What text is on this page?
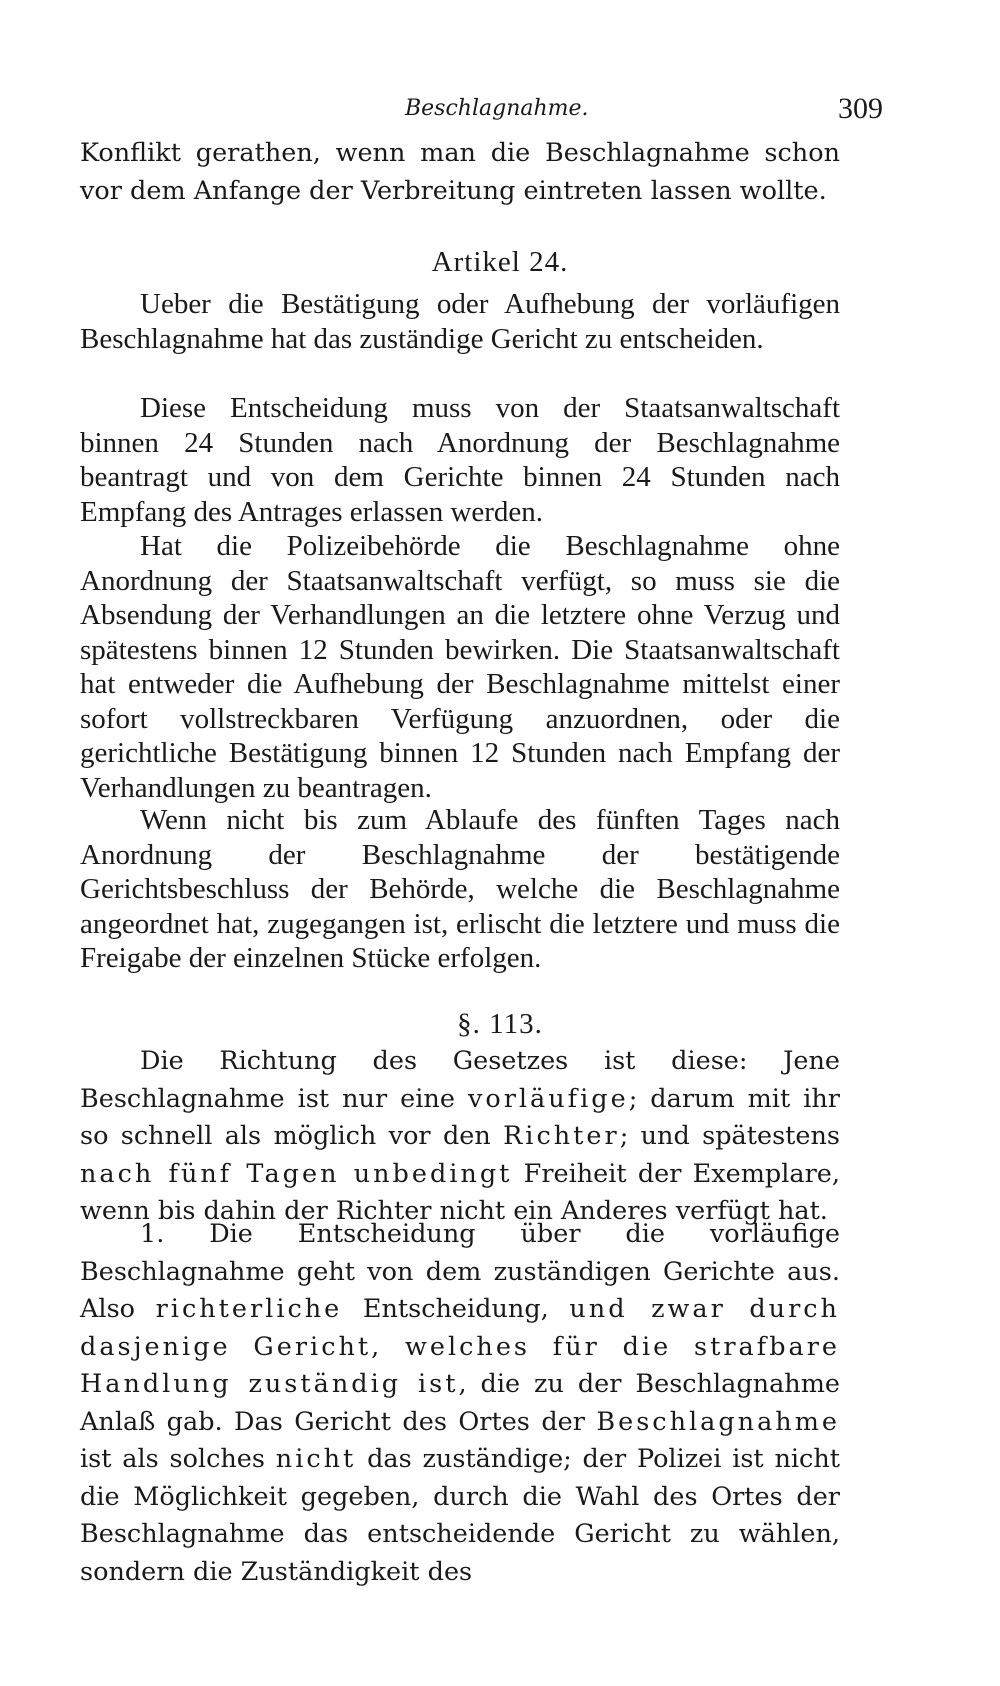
Beschlagnahme.	309

Konflikt gerathen, wenn man die Beschlagnahme schon vor dem Anfange der Verbreitung eintreten lassen wollte.

Artikel 24.

Ueber die Bestätigung oder Aufhebung der vorläufigen Beschlagnahme hat das zuständige Gericht zu entscheiden.

Diese Entscheidung muss von der Staatsanwaltschaft binnen 24 Stunden nach Anordnung der Beschlagnahme beantragt und von dem Gerichte binnen 24 Stunden nach Empfang des Antrages erlassen werden.

Hat die Polizeibehörde die Beschlagnahme ohne Anordnung der Staatsanwaltschaft verfügt, so muss sie die Absendung der Verhandlungen an die letztere ohne Verzug und spätestens binnen 12 Stunden bewirken. Die Staatsanwaltschaft hat entweder die Aufhebung der Beschlagnahme mittelst einer sofort vollstreckbaren Verfügung anzuordnen, oder die gerichtliche Bestätigung binnen 12 Stunden nach Empfang der Verhandlungen zu beantragen.

Wenn nicht bis zum Ablaufe des fünften Tages nach Anordnung der Beschlagnahme der bestätigende Gerichtsbeschluss der Behörde, welche die Beschlagnahme angeordnet hat, zugegangen ist, erlischt die letztere und muss die Freigabe der einzelnen Stücke erfolgen.

§. 113.

Die Richtung des Gesetzes ist diese: Jene Beschlagnahme ist nur eine vorläufige; darum mit ihr so schnell als möglich vor den Richter; und spätestens nach fünf Tagen unbedingt Freiheit der Exemplare, wenn bis dahin der Richter nicht ein Anderes verfügt hat.

1. Die Entscheidung über die vorläufige Beschlagnahme geht von dem zuständigen Gerichte aus. Also richterliche Entscheidung, und zwar durch dasjenige Gericht, welches für die strafbare Handlung zuständig ist, die zu der Beschlagnahme Anlaß gab. Das Gericht des Ortes der Beschlagnahme ist als solches nicht das zuständige; der Polizei ist nicht die Möglichkeit gegeben, durch die Wahl des Ortes der Beschlagnahme das entscheidende Gericht zu wählen, sondern die Zuständigkeit des
